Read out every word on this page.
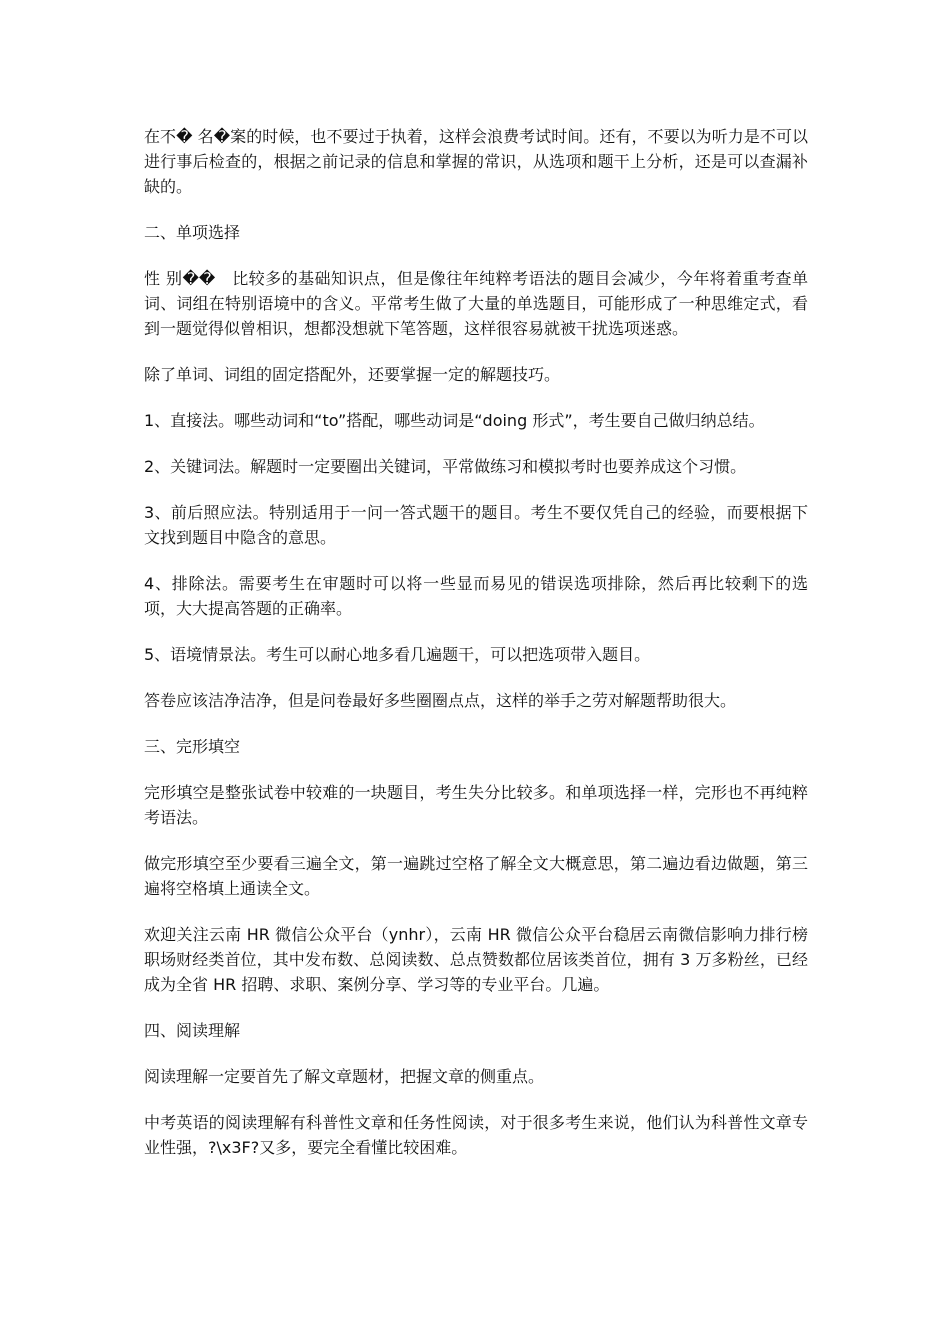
在不� 名�案的时候，也不要过于执着，这样会浪费考试时间。还有，不要以为听力是不可以进行事后检查的，根据之前记录的信息和掌握的常识，从选项和题干上分析，还是可以查漏补缺的。

二、单项选择

性 别��　比较多的基础知识点，但是像往年纯粹考语法的题目会减少，今年将着重考查单词、词组在特别语境中的含义。平常考生做了大量的单选题目，可能形成了一种思维定式，看到一题觉得似曾相识，想都没想就下笔答题，这样很容易就被干扰选项迷惑。

除了单词、词组的固定搭配外，还要掌握一定的解题技巧。

1、直接法。哪些动词和“to”搭配，哪些动词是“doing 形式”，考生要自己做归纳总结。

2、关键词法。解题时一定要圈出关键词，平常做练习和模拟考时也要养成这个习惯。

3、前后照应法。特别适用于一问一答式题干的题目。考生不要仅凭自己的经验，而要根据下文找到题目中隐含的意思。

4、排除法。需要考生在审题时可以将一些显而易见的错误选项排除，然后再比较剩下的选项，大大提高答题的正确率。

5、语境情景法。考生可以耐心地多看几遍题干，可以把选项带入题目。

答卷应该洁净洁净，但是问卷最好多些圈圈点点，这样的举手之劳对解题帮助很大。

三、完形填空

完形填空是整张试卷中较难的一块题目，考生失分比较多。和单项选择一样，完形也不再纯粹考语法。

做完形填空至少要看三遍全文，第一遍跳过空格了解全文大概意思，第二遍边看边做题，第三遍将空格填上通读全文。

欢迎关注云南 HR 微信公众平台（ynhr），云南 HR 微信公众平台稳居云南微信影响力排行榜职场财经类首位，其中发布数、总阅读数、总点赞数都位居该类首位，拥有 3 万多粉丝，已经成为全省 HR 招聘、求职、案例分享、学习等的专业平台。几遍。

四、阅读理解

阅读理解一定要首先了解文章题材，把握文章的侧重点。

中考英语的阅读理解有科普性文章和任务性阅读，对于很多考生来说，他们认为科普性文章专业性强，?\x3F?又多，要完全看懂比较困难。
